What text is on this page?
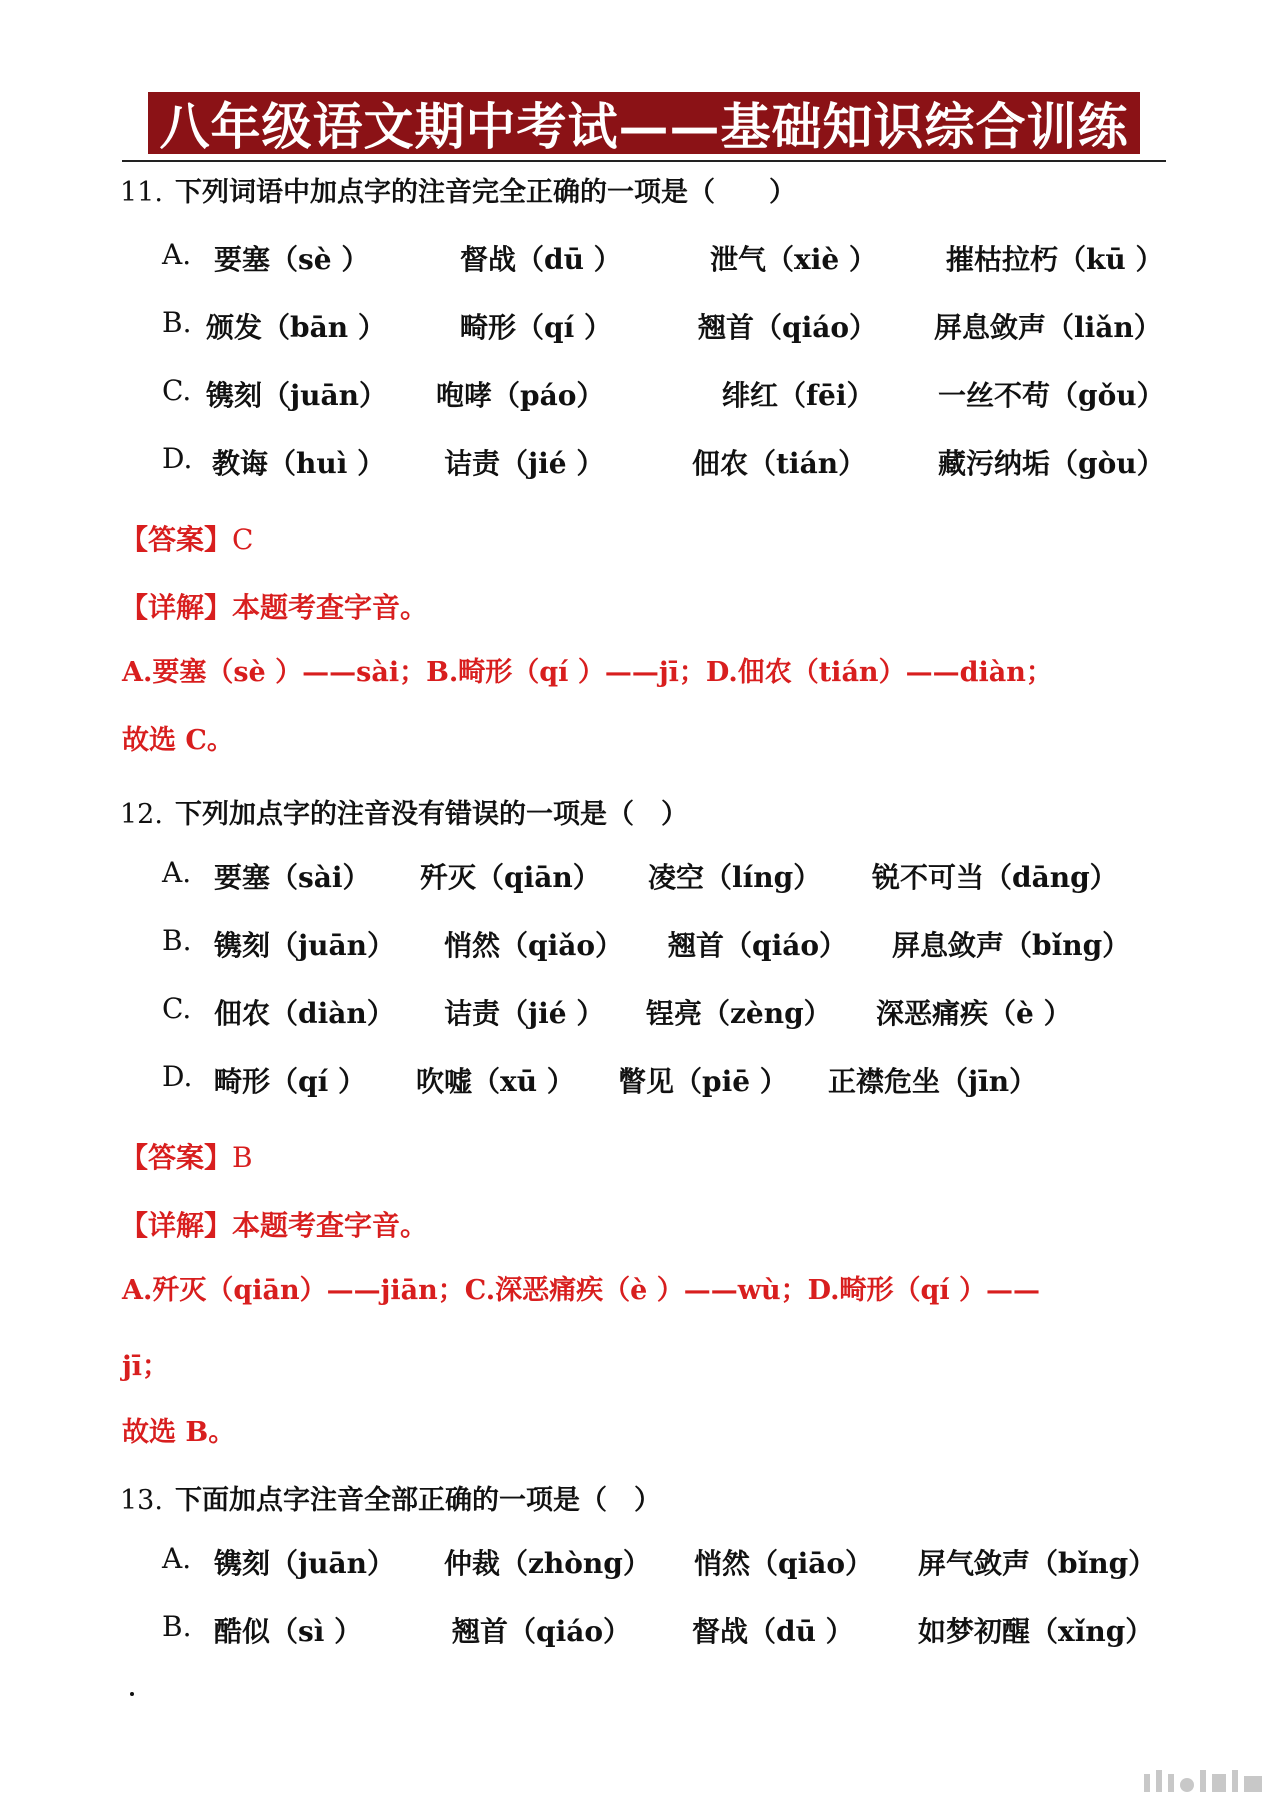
八年级语文期中考试——基础知识综合训练
11. 下列词语中加点字的注音完全正确的一项是（　　）
A. 要塞（sè ）	督战（dū ）	泄气（xiè ） 摧枯拉朽（kū ）
B. 颁发（bān ）	畸形（qí ）	翘首（qiáo） 屏息敛声（liǎn）
C. 镌刻（juān） 咆哮（páo）	绯红（fēi） 一丝不苟（gǒu）
D. 教诲（huì ） 诘责（jié ）	佃农（tián）	藏污纳垢（gòu）
【答案】C
【详解】本题考查字音。
A.要塞（sè ）——sài；B.畸形（qí ）——jī；D.佃农（tián）——diàn；
故选 C。
12. 下列加点字的注音没有错误的一项是（　）
A. 要塞（sài） 歼灭（qiān） 凌空（líng） 锐不可当（dāng）
B. 镌刻（juān） 悄然（qiǎo） 翘首（qiáo） 屏息敛声（bǐng）
C. 佃农（diàn） 诘责（jié ） 锃亮（zèng） 深恶痛疾（è ）
D. 畸形（qí ） 吹嘘（xū ） 瞥见（piē ） 正襟危坐（jīn）
【答案】B
【详解】本题考查字音。
A.歼灭（qiān）——jiān；C.深恶痛疾（è ）——wù；D.畸形（qí ）——
jī；
故选 B。
13. 下面加点字注音全部正确的一项是（　）
A. 镌刻（juān） 仲裁（zhòng） 悄然（qiāo） 屏气敛声（bǐng）
B. 酷似（sì ）	翘首（qiáo） 督战（dū ） 如梦初醒（xǐng）
